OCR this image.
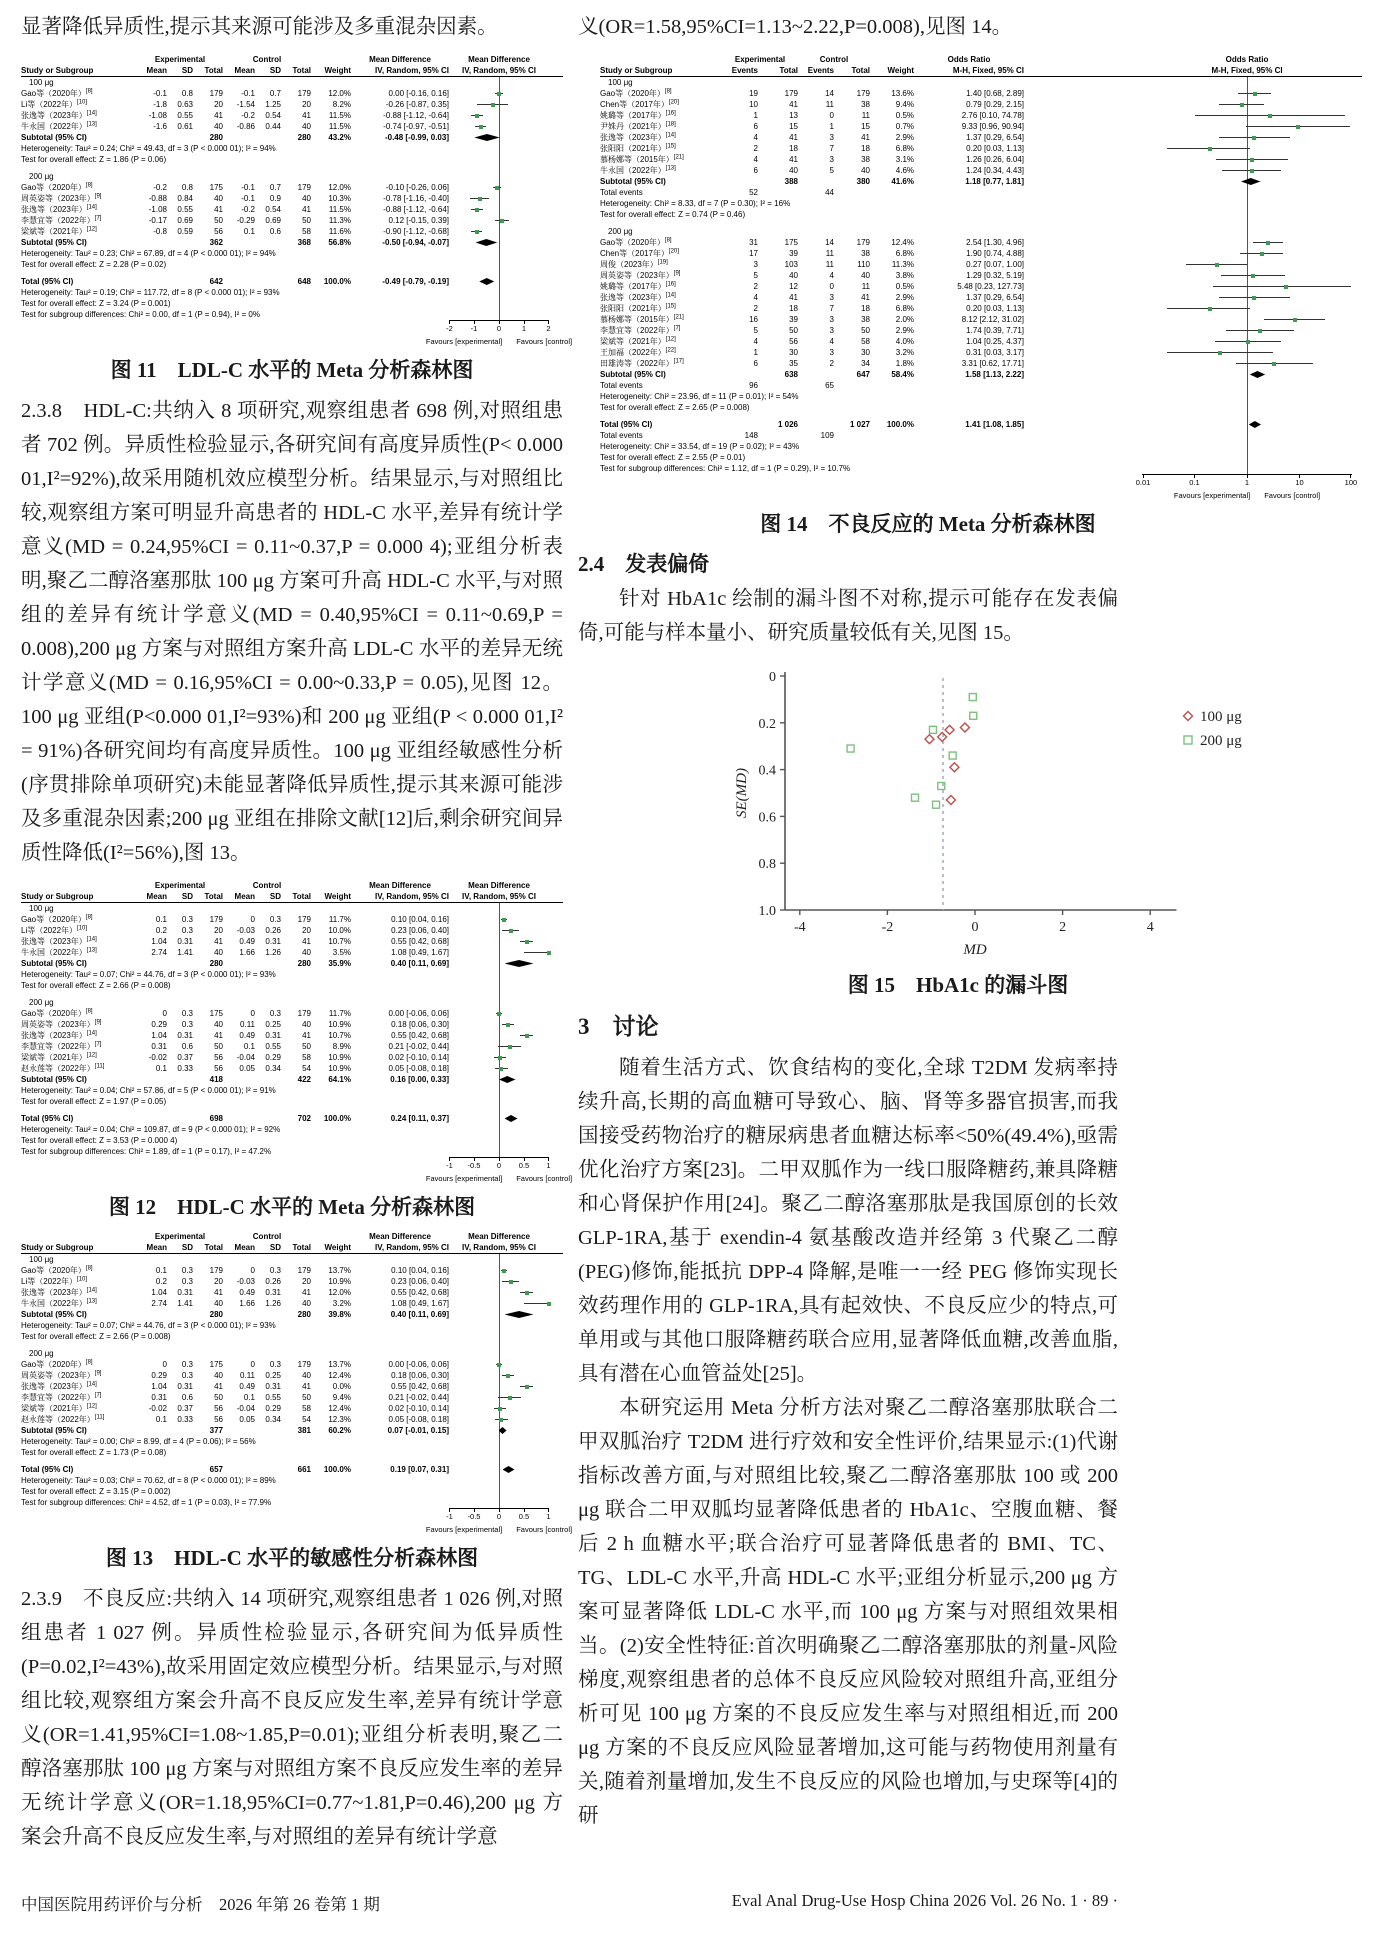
显著降低异质性,提示其来源可能涉及多重混杂因素。

Experimental	Control	Mean Difference	Mean Difference
Study or Subgroup	Mean	SD	Total	Mean	SD	Total	Weight	IV, Random, 95% CI	IV, Random, 95% CI
100 μg
Gao等（2020年）[8]	-0.1	0.8	179	-0.1	0.7	179	12.0%	0.00 [-0.16, 0.16]
Li等（2022年）[10]	-1.8	0.63	20	-1.54	1.25	20	8.2%	-0.26 [-0.87, 0.35]
张逸等（2023年）[14]	-1.08	0.55	41	-0.2	0.54	41	11.5%	-0.88 [-1.12, -0.64]
牛永国（2022年）[13]	-1.6	0.61	40	-0.86	0.44	40	11.5%	-0.74 [-0.97, -0.51]
Subtotal (95% CI)	280	280	43.2%	-0.48 [-0.99, 0.03]
Heterogeneity: Tau² = 0.24; Chi² = 49.43, df = 3 (P < 0.000 01); I² = 94%
Test for overall effect: Z = 1.86 (P = 0.06)
200 μg
Gao等（2020年）[8]	-0.2	0.8	175	-0.1	0.7	179	12.0%	-0.10 [-0.26, 0.06]
周英姿等（2023年）[9]	-0.88	0.84	40	-0.1	0.9	40	10.3%	-0.78 [-1.16, -0.40]
张逸等（2023年）[14]	-1.08	0.55	41	-0.2	0.54	41	11.5%	-0.88 [-1.12, -0.64]
李慧宜等（2022年）[7]	-0.17	0.69	50	-0.29	0.69	50	11.3%	0.12 [-0.15, 0.39]
梁斌等（2021年）[12]	-0.8	0.59	56	0.1	0.6	58	11.6%	-0.90 [-1.12, -0.68]
Subtotal (95% CI)	362	368	56.8%	-0.50 [-0.94, -0.07]
Heterogeneity: Tau² = 0.23; Chi² = 67.89, df = 4 (P < 0.000 01); I² = 94%
Test for overall effect: Z = 2.28 (P = 0.02)
Total (95% CI)	642	648	100.0%	-0.49 [-0.79, -0.19]
Heterogeneity: Tau² = 0.19; Chi² = 117.72, df = 8 (P < 0.000 01); I² = 93%
Test for overall effect: Z = 3.24 (P = 0.001)
Test for subgroup differences: Chi² = 0.00, df = 1 (P = 0.94), I² = 0%
-2 -1	0	1	2
Favours [experimental] Favours [control]
图 11　LDL-C 水平的 Meta 分析森林图

2.3.8　HDL-C:共纳入 8 项研究,观察组患者 698 例,对照组患者 702 例。异质性检验显示,各研究间有高度异质性(P< 0.000 01,I²=92%),故采用随机效应模型分析。结果显示,与对照组比较,观察组方案可明显升高患者的 HDL-C 水平,差异有统计学意义(MD = 0.24,95%CI = 0.11~0.37,P = 0.000 4);亚组分析表明,聚乙二醇洛塞那肽 100 μg 方案可升高 HDL-C 水平,与对照组的差异有统计学意义(MD = 0.40,95%CI = 0.11~0.69,P = 0.008),200 μg 方案与对照组方案升高 LDL-C 水平的差异无统计学意义(MD = 0.16,95%CI = 0.00~0.33,P = 0.05),见图 12。100 μg 亚组(P<0.000 01,I²=93%)和 200 μg 亚组(P < 0.000 01,I² = 91%)各研究间均有高度异质性。100 μg 亚组经敏感性分析(序贯排除单项研究)未能显著降低异质性,提示其来源可能涉及多重混杂因素;200 μg 亚组在排除文献[12]后,剩余研究间异质性降低(I²=56%),图 13。

Experimental	Control	Mean Difference	Mean Difference
Study or Subgroup	Mean	SD	Total	Mean	SD	Total	Weight	IV, Random, 95% CI	IV, Random, 95% CI
100 μg
Gao等（2020年）[8]	0.1	0.3	179	0	0.3	179	11.7%	0.10 [0.04, 0.16]
Li等（2022年）[10]	0.2	0.3	20	-0.03	0.26	20	10.0%	0.23 [0.06, 0.40]
张逸等（2023年）[14]	1.04	0.31	41	0.49	0.31	41	10.7%	0.55 [0.42, 0.68]
牛永国（2022年）[13]	2.74	1.41	40	1.66	1.26	40	3.5%	1.08 [0.49, 1.67]
Subtotal (95% CI)	280	280	35.9%	0.40 [0.11, 0.69]
Heterogeneity: Tau² = 0.07; Chi² = 44.76, df = 3 (P < 0.000 01); I² = 93%
Test for overall effect: Z = 2.66 (P = 0.008)
200 μg
Gao等（2020年）[8]	0	0.3	175	0	0.3	179	11.7%	0.00 [-0.06, 0.06]
周英姿等（2023年）[9]	0.29	0.3	40	0.11	0.25	40	10.9%	0.18 [0.06, 0.30]
张逸等（2023年）[14]	1.04	0.31	41	0.49	0.31	41	10.7%	0.55 [0.42, 0.68]
李慧宜等（2022年）[7]	0.31	0.6	50	0.1	0.55	50	8.9%	0.21 [-0.02, 0.44]
梁斌等（2021年）[12]	-0.02	0.37	56	-0.04	0.29	58	10.9%	0.02 [-0.10, 0.14]
赵永莲等（2022年）[11]	0.1	0.33	56	0.05	0.34	54	10.9%	0.05 [-0.08, 0.18]
Subtotal (95% CI)	418	422	64.1%	0.16 [0.00, 0.33]
Heterogeneity: Tau² = 0.04; Chi² = 57.86, df = 5 (P < 0.000 01); I² = 91%
Test for overall effect: Z = 1.97 (P = 0.05)
Total (95% CI)	698	702	100.0%	0.24 [0.11, 0.37]
Heterogeneity: Tau² = 0.04; Chi² = 109.87, df = 9 (P < 0.000 01); I² = 92%
Test for overall effect: Z = 3.53 (P = 0.000 4)
Test for subgroup differences: Chi² = 1.89, df = 1 (P = 0.17), I² = 47.2%
-1 -0.5 0 0.5 1
Favours [experimental] Favours [control]
图 12　HDL-C 水平的 Meta 分析森林图
Experimental	Control	Mean Difference	Mean Difference
Study or Subgroup	Mean	SD	Total	Mean	SD	Total	Weight	IV, Random, 95% CI	IV, Random, 95% CI
100 μg
Gao等（2020年）[8]	0.1	0.3	179	0	0.3	179	13.7%	0.10 [0.04, 0.16]
Li等（2022年）[10]	0.2	0.3	20	-0.03	0.26	20	10.9%	0.23 [0.06, 0.40]
张逸等（2023年）[14]	1.04	0.31	41	0.49	0.31	41	12.0%	0.55 [0.42, 0.68]
牛永国（2022年）[13]	2.74	1.41	40	1.66	1.26	40	3.2%	1.08 [0.49, 1.67]
Subtotal (95% CI)	280	280	39.8%	0.40 [0.11, 0.69]
Heterogeneity: Tau² = 0.07; Chi² = 44.76, df = 3 (P < 0.000 01); I² = 93%
Test for overall effect: Z = 2.66 (P = 0.008)
200 μg
Gao等（2020年）[8]	0	0.3	175	0	0.3	179	13.7%	0.00 [-0.06, 0.06]
周英姿等（2023年）[9]	0.29	0.3	40	0.11	0.25	40	12.4%	0.18 [0.06, 0.30]
张逸等（2023年）[14]	1.04	0.31	41	0.49	0.31	41	0.0%	0.55 [0.42, 0.68]
李慧宜等（2022年）[7]	0.31	0.6	50	0.1	0.55	50	9.4%	0.21 [-0.02, 0.44]
梁斌等（2021年）[12]	-0.02	0.37	56	-0.04	0.29	58	12.4%	0.02 [-0.10, 0.14]
赵永莲等（2022年）[11]	0.1	0.33	56	0.05	0.34	54	12.3%	0.05 [-0.08, 0.18]
Subtotal (95% CI)	377	381	60.2%	0.07 [-0.01, 0.15]
Heterogeneity: Tau² = 0.00; Chi² = 8.99, df = 4 (P = 0.06); I² = 56%
Test for overall effect: Z = 1.73 (P = 0.08)
Total (95% CI)	657	661	100.0%	0.19 [0.07, 0.31]
Heterogeneity: Tau² = 0.03; Chi² = 70.62, df = 8 (P < 0.000 01); I² = 89%
Test for overall effect: Z = 3.15 (P = 0.002)
Test for subgroup differences: Chi² = 4.52, df = 1 (P = 0.03), I² = 77.9%
-1 -0.5 0 0.5 1
Favours [experimental] Favours [control]
图 13　HDL-C 水平的敏感性分析森林图

2.3.9　不良反应:共纳入 14 项研究,观察组患者 1 026 例,对照组患者 1 027 例。异质性检验显示,各研究间为低异质性(P=0.02,I²=43%),故采用固定效应模型分析。结果显示,与对照组比较,观察组方案会升高不良反应发生率,差异有统计学意义(OR=1.41,95%CI=1.08~1.85,P=0.01);亚组分析表明,聚乙二醇洛塞那肽 100 μg 方案与对照组方案不良反应发生率的差异无统计学意义(OR=1.18,95%CI=0.77~1.81,P=0.46),200 μg 方案会升高不良反应发生率,与对照组的差异有统计学意

义(OR=1.58,95%CI=1.13~2.22,P=0.008),见图 14。

Experimental	Control	Odds Ratio	Odds Ratio
Study or Subgroup	Events	Total	Events	Total	Weight	M-H, Fixed, 95% CI	M-H, Fixed, 95% CI
100 μg
Gao等（2020年）[8]	19	179	14	179	13.6%	1.40 [0.68, 2.89]
Chen等（2017年）[20]	10	41	11	38	9.4%	0.79 [0.29, 2.15]
姚璐等（2017年）[16]	1	13	0	11	0.5%	2.76 [0.10, 74.78]
尹姝丹（2021年）[18]	6	15	1	15	0.7%	9.33 [0.96, 90.94]
张逸等（2023年）[14]	4	41	3	41	2.9%	1.37 [0.29, 6.54]
张阳阳（2021年）[15]	2	18	7	18	6.8%	0.20 [0.03, 1.13]
慕杨娜等（2015年）[21]	4	41	3	38	3.1%	1.26 [0.26, 6.04]
牛永国（2022年）[13]	6	40	5	40	4.6%	1.24 [0.34, 4.43]
Subtotal (95% CI)	388	380	41.6%	1.18 [0.77, 1.81]
Total events	52	44
Heterogeneity: Chi² = 8.33, df = 7 (P = 0.30); I² = 16%
Test for overall effect: Z = 0.74 (P = 0.46)
200 μg
Gao等（2020年）[8]	31	175	14	179	12.4%	2.54 [1.30, 4.96]
Chen等（2017年）[20]	17	39	11	38	6.8%	1.90 [0.74, 4.88]
周俊（2023年）[19]	3	103	11	110	11.3%	0.27 [0.07, 1.00]
周英姿等（2023年）[9]	5	40	4	40	3.8%	1.29 [0.32, 5.19]
姚璐等（2017年）[16]	2	12	0	11	0.5%	5.48 [0.23, 127.73]
张逸等（2023年）[14]	4	41	3	41	2.9%	1.37 [0.29, 6.54]
张阳阳（2021年）[15]	2	18	7	18	6.8%	0.20 [0.03, 1.13]
慕杨娜等（2015年）[21]	16	39	3	38	2.0%	8.12 [2.12, 31.02]
李慧宜等（2022年）[7]	5	50	3	50	2.9%	1.74 [0.39, 7.71]
梁斌等（2021年）[12]	4	56	4	58	4.0%	1.04 [0.25, 4.37]
王加福（2022年）[22]	1	30	3	30	3.2%	0.31 [0.03, 3.17]
田雄涛等（2022年）[17]	6	35	2	34	1.8%	3.31 [0.62, 17.71]
Subtotal (95% CI)	638	647	58.4%	1.58 [1.13, 2.22]
Total events	96	65
Heterogeneity: Chi² = 23.96, df = 11 (P = 0.01); I² = 54%
Test for overall effect: Z = 2.65 (P = 0.008)
Total (95% CI)	1 026	1 027	100.0%	1.41 [1.08, 1.85]
Total events	148	109
Heterogeneity: Chi² = 33.54, df = 19 (P = 0.02); I² = 43%
Test for overall effect: Z = 2.55 (P = 0.01)
Test for subgroup differences: Chi² = 1.12, df = 1 (P = 0.29), I² = 10.7%
0.01	0.1	1	10	100
Favours [experimental] Favours [control]
图 14　不良反应的 Meta 分析森林图
2.4　发表偏倚

针对 HbA1c 绘制的漏斗图不对称,提示可能存在发表偏倚,可能与样本量小、研究质量较低有关,见图 15。

0
0.2
0.4
0.6
0.8
1.0
-4	-2	0	2	4
100 μg
200 μg
SE(MD)
MD
图 15　HbA1c 的漏斗图
3　讨论

随着生活方式、饮食结构的变化,全球 T2DM 发病率持续升高,长期的高血糖可导致心、脑、肾等多器官损害,而我国接受药物治疗的糖尿病患者血糖达标率<50%(49.4%),亟需优化治疗方案[23]。二甲双胍作为一线口服降糖药,兼具降糖和心肾保护作用[24]。聚乙二醇洛塞那肽是我国原创的长效 GLP-1RA,基于 exendin-4 氨基酸改造并经第 3 代聚乙二醇(PEG)修饰,能抵抗 DPP-4 降解,是唯一一经 PEG 修饰实现长效药理作用的 GLP-1RA,具有起效快、不良反应少的特点,可单用或与其他口服降糖药联合应用,显著降低血糖,改善血脂,具有潜在心血管益处[25]。

本研究运用 Meta 分析方法对聚乙二醇洛塞那肽联合二甲双胍治疗 T2DM 进行疗效和安全性评价,结果显示:(1)代谢指标改善方面,与对照组比较,聚乙二醇洛塞那肽 100 或 200 μg 联合二甲双胍均显著降低患者的 HbA1c、空腹血糖、餐后 2 h 血糖水平;联合治疗可显著降低患者的 BMI、TC、TG、LDL-C 水平,升高 HDL-C 水平;亚组分析显示,200 μg 方案可显著降低 LDL-C 水平,而 100 μg 方案与对照组效果相当。(2)安全性特征:首次明确聚乙二醇洛塞那肽的剂量-风险梯度,观察组患者的总体不良反应风险较对照组升高,亚组分析可见 100 μg 方案的不良反应发生率与对照组相近,而 200 μg 方案的不良反应风险显著增加,这可能与药物使用剂量有关,随着剂量增加,发生不良反应的风险也增加,与史琛等[4]的研

中国医院用药评价与分析　2026 年第 26 卷第 1 期	Eval Anal Drug-Use Hosp China 2026 Vol. 26 No. 1 · 89 ·
